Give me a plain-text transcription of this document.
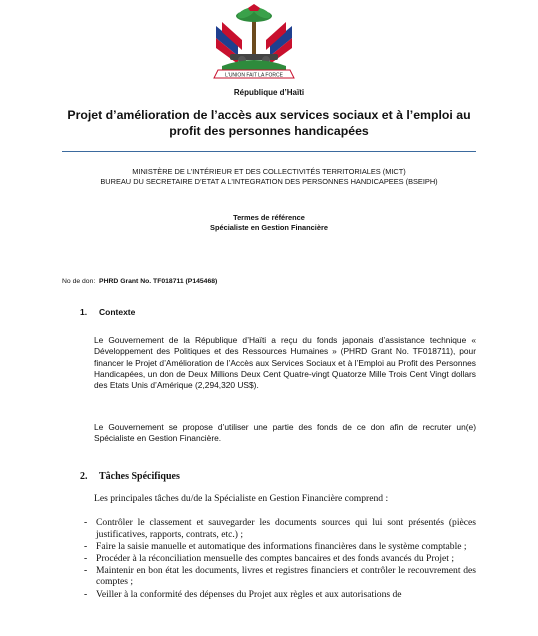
L'UNION FAIT LA FORCE
République d’Haïti
Projet d’amélioration de l’accès aux services sociaux et à l’emploi au profit des personnes handicapées
MINISTÈRE DE L’INTÉRIEUR ET DES COLLECTIVITÉS TERRITORIALES (MICT)
BUREAU DU SECRETAIRE D’ETAT A L’INTEGRATION DES PERSONNES HANDICAPEES (BSEIPH)
Termes de référence
Spécialiste en Gestion Financière
No de don: PHRD Grant No. TF018711 (P145468)
1. Contexte
Le Gouvernement de la République d’Haïti a reçu du fonds japonais d’assistance technique « Développement des Politiques et des Ressources Humaines » (PHRD Grant No. TF018711), pour financer le Projet d’Amélioration de l’Accès aux Services Sociaux et à l’Emploi au Profit des Personnes Handicapées, un don de Deux Millions Deux Cent Quatre-vingt Quatorze Mille Trois Cent Vingt dollars des Etats Unis d’Amérique (2,294,320 US$).
Le Gouvernement se propose d’utiliser une partie des fonds de ce don afin de recruter un(e) Spécialiste en Gestion Financière.
2. Tâches Spécifiques
Les principales tâches du/de la Spécialiste en Gestion Financière comprend :
- Contrôler le classement et sauvegarder les documents sources qui lui sont présentés (pièces justificatives, rapports, contrats, etc.) ;
- Faire la saisie manuelle et automatique des informations financières dans le système comptable ;
- Procéder à la réconciliation mensuelle des comptes bancaires et des fonds avancés du Projet ;
- Maintenir en bon état les documents, livres et registres financiers et contrôler le recouvrement des comptes ;
- Veiller à la conformité des dépenses du Projet aux règles et aux autorisations de
